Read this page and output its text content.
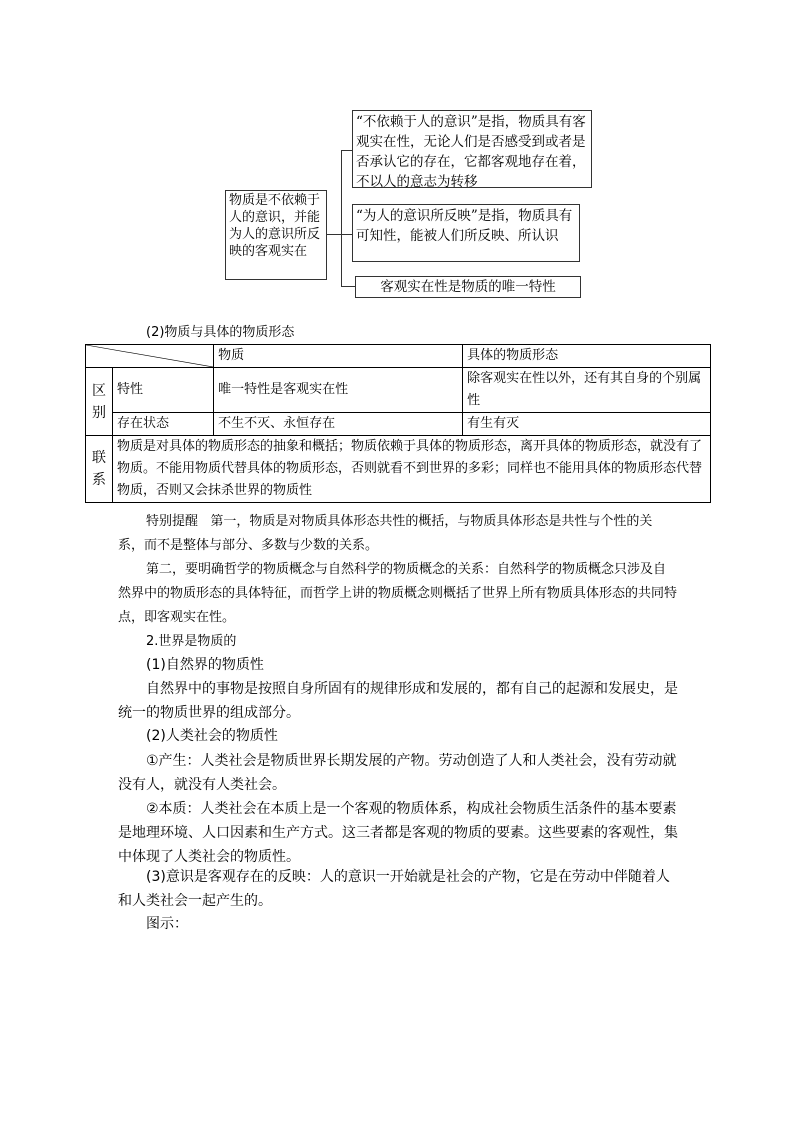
物质是不依赖于人的意识，并能为人的意识所反映的客观实在
“不依赖于人的意识”是指，物质具有客观实在性，无论人们是否感受到或者是否承认它的存在，它都客观地存在着，不以人的意志为转移
“为人的意识所反映”是指，物质具有可知性，能被人们所反映、所认识
客观实在性是物质的唯一特性
(2)物质与具体的物质形态
	物质	具体的物质形态

区别	特性	唯一特性是客观实在性	除客观实在性以外，还有其自身的个别属性
	存在状态	不生不灭、永恒存在	有生有灭

联系	物质是对具体的物质形态的抽象和概括；物质依赖于具体的物质形态，离开具体的物质形态，就没有了物质。不能用物质代替具体的物质形态，否则就看不到世界的多彩；同样也不能用具体的物质形态代替物质，否则又会抹杀世界的物质性		
特别提醒 第一，物质是对物质具体形态共性的概括，与物质具体形态是共性与个性的关系，而不是整体与部分、多数与少数的关系。
第二，要明确哲学的物质概念与自然科学的物质概念的关系：自然科学的物质概念只涉及自然界中的物质形态的具体特征，而哲学上讲的物质概念则概括了世界上所有物质具体形态的共同特点，即客观实在性。
2.世界是物质的
(1)自然界的物质性
自然界中的事物是按照自身所固有的规律形成和发展的，都有自己的起源和发展史，是统一的物质世界的组成部分。
(2)人类社会的物质性
①产生：人类社会是物质世界长期发展的产物。劳动创造了人和人类社会，没有劳动就没有人，就没有人类社会。
②本质：人类社会在本质上是一个客观的物质体系，构成社会物质生活条件的基本要素是地理环境、人口因素和生产方式。这三者都是客观的物质的要素。这些要素的客观性，集中体现了人类社会的物质性。
(3)意识是客观存在的反映：人的意识一开始就是社会的产物，它是在劳动中伴随着人和人类社会一起产生的。
图示：
